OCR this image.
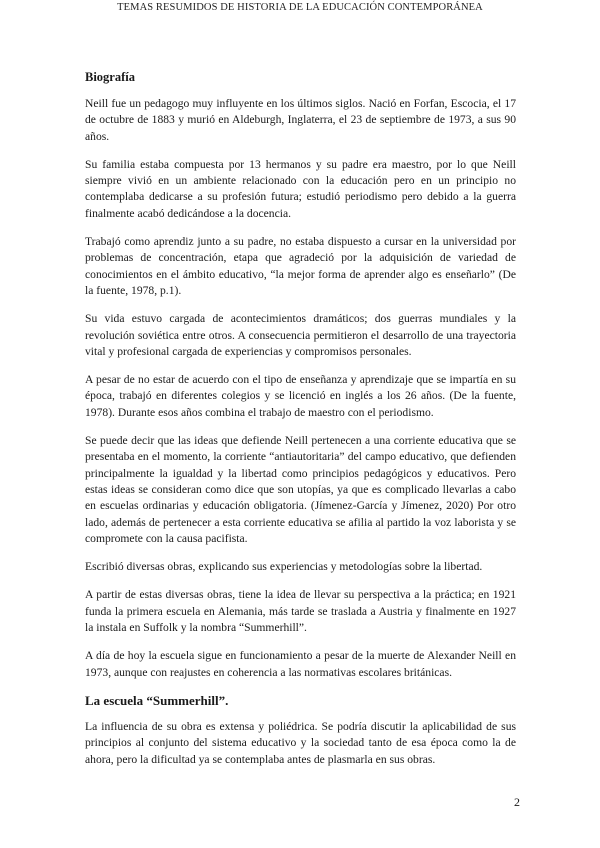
TEMAS RESUMIDOS DE HISTORIA DE LA EDUCACIÓN CONTEMPORÁNEA
Biografía

Neill fue un pedagogo muy influyente en los últimos siglos. Nació en Forfan, Escocia, el 17 de octubre de 1883 y murió en Aldeburgh, Inglaterra, el 23 de septiembre de 1973, a sus 90 años.

Su familia estaba compuesta por 13 hermanos y su padre era maestro, por lo que Neill siempre vivió en un ambiente relacionado con la educación pero en un principio no contemplaba dedicarse a su profesión futura; estudió periodismo pero debido a la guerra finalmente acabó dedicándose a la docencia.

Trabajó como aprendiz junto a su padre, no estaba dispuesto a cursar en la universidad por problemas de concentración, etapa que agradeció por la adquisición de variedad de conocimientos en el ámbito educativo, “la mejor forma de aprender algo es enseñarlo” (De la fuente, 1978, p.1).

Su vida estuvo cargada de acontecimientos dramáticos; dos guerras mundiales y la revolución soviética entre otros. A consecuencia permitieron el desarrollo de una trayectoria vital y profesional cargada de experiencias y compromisos personales.

A pesar de no estar de acuerdo con el tipo de enseñanza y aprendizaje que se impartía en su época, trabajó en diferentes colegios y se licenció en inglés a los 26 años. (De la fuente, 1978). Durante esos años combina el trabajo de maestro con el periodismo.

Se puede decir que las ideas que defiende Neill pertenecen a una corriente educativa que se presentaba en el momento, la corriente “antiautoritaria” del campo educativo, que defienden principalmente la igualdad y la libertad como principios pedagógicos y educativos. Pero estas ideas se consideran como dice que son utopías, ya que es complicado llevarlas a cabo en escuelas ordinarias y educación obligatoria. (Jímenez-García y Jímenez, 2020) Por otro lado, además de pertenecer a esta corriente educativa se afilia al partido la voz laborista y se compromete con la causa pacifista.

Escribió diversas obras, explicando sus experiencias y metodologías sobre la libertad.

A partir de estas diversas obras, tiene la idea de llevar su perspectiva a la práctica; en 1921 funda la primera escuela en Alemania, más tarde se traslada a Austria y finalmente en 1927 la instala en Suffolk y la nombra “Summerhill”.

A día de hoy la escuela sigue en funcionamiento a pesar de la muerte de Alexander Neill en 1973, aunque con reajustes en coherencia a las normativas escolares británicas.

La escuela “Summerhill”.

La influencia de su obra es extensa y poliédrica. Se podría discutir la aplicabilidad de sus principios al conjunto del sistema educativo y la sociedad tanto de esa época como la de ahora, pero la dificultad ya se contemplaba antes de plasmarla en sus obras.

2
